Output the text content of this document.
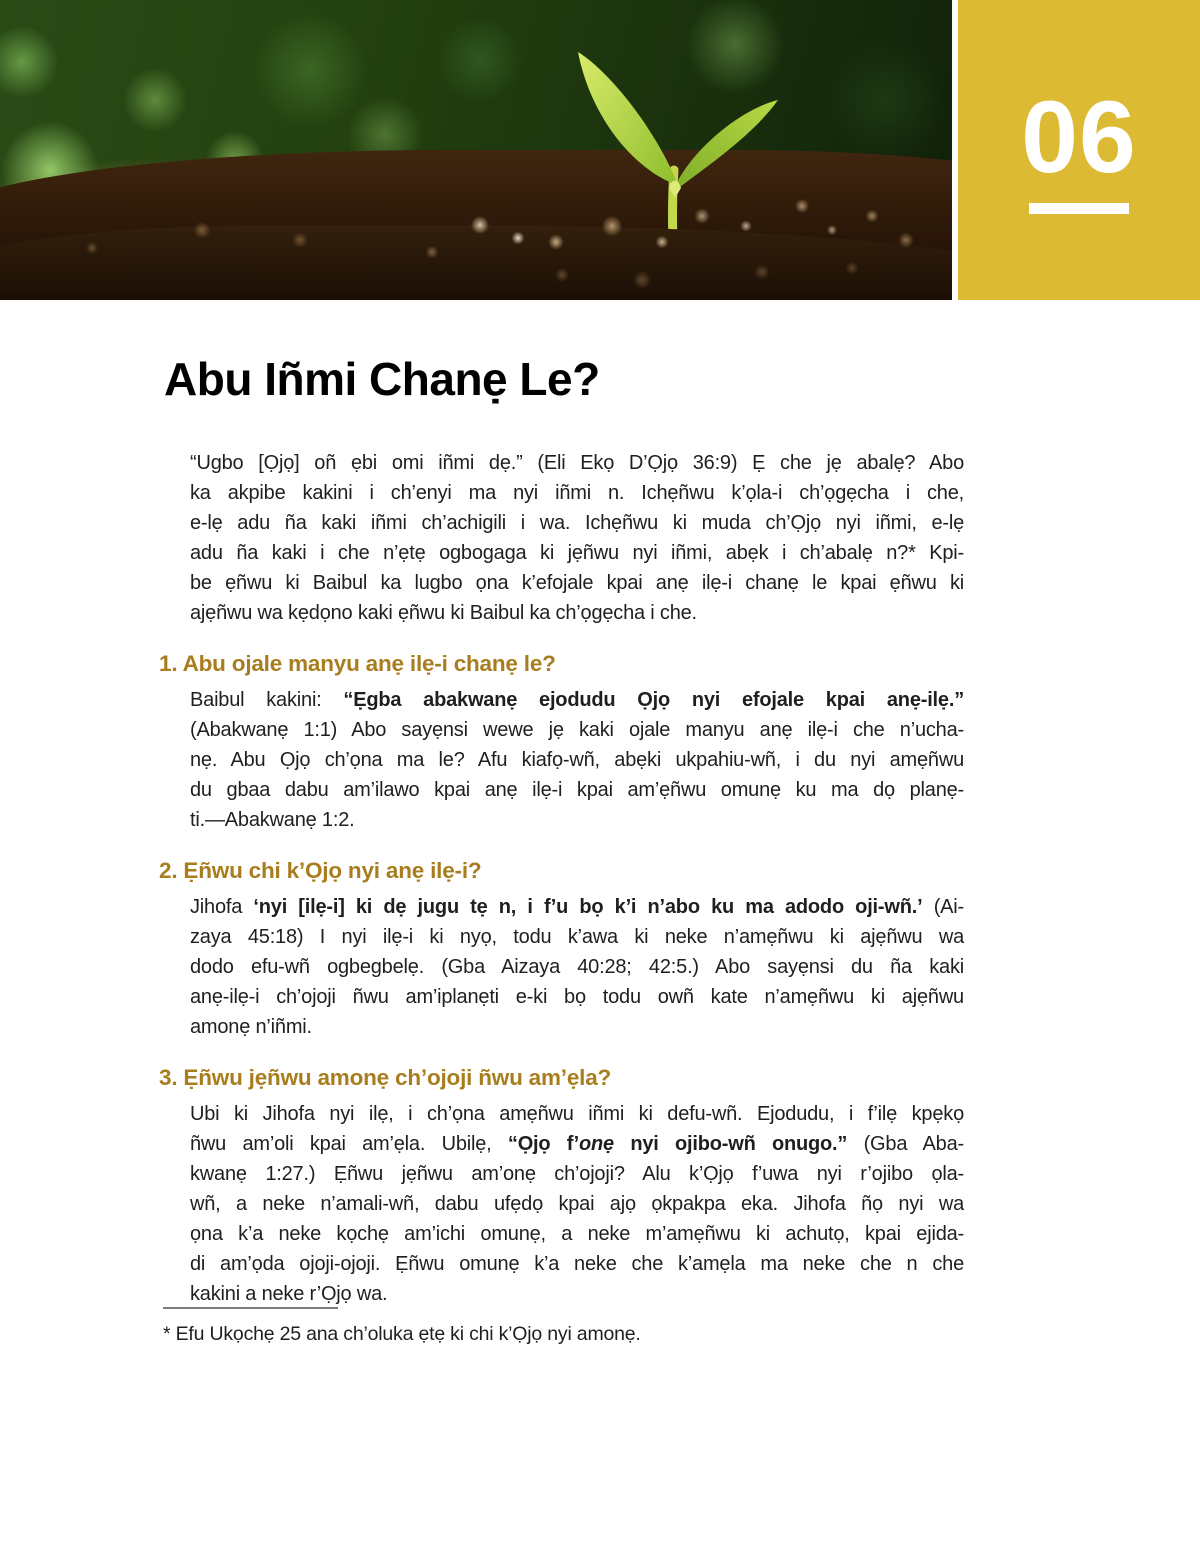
06
Abu Iñmi Chanẹ Le?
“Ugbo [Ọjọ] oñ ẹbi omi iñmi dẹ.” (Eli Ekọ D’Ọjọ 36:9) Ẹ che jẹ abalẹ? Abo
ka akpibe kakini i ch’enyi ma nyi iñmi n. Ichẹñwu k’ọla-i ch’ọgẹcha i che,
e-lẹ adu ña kaki iñmi ch’achigili i wa. Ichẹñwu ki muda ch’Ọjọ nyi iñmi, e-lẹ
adu ña kaki i che n’ẹtẹ ogbogaga ki jẹñwu nyi iñmi, abẹk i ch’abalẹ n?* Kpi-
be ẹñwu ki Baibul ka lugbo ọna k’efojale kpai anẹ ilẹ-i chanẹ le kpai ẹñwu ki
ajẹñwu wa kẹdọno kaki ẹñwu ki Baibul ka ch’ọgẹcha i che.
1. Abu ojale manyu anẹ ilẹ-i chanẹ le?
Baibul kakini: “Ẹgba abakwanẹ ejodudu Ọjọ nyi efojale kpai anẹ-ilẹ.”
(Abakwanẹ 1:1) Abo sayẹnsi wewe jẹ kaki ojale manyu anẹ ilẹ-i che n’ucha-
nẹ. Abu Ọjọ ch’ọna ma le? Afu kiafọ-wñ, abẹki ukpahiu-wñ, i du nyi amẹñwu
du gbaa dabu am’ilawo kpai anẹ ilẹ-i kpai am’ẹñwu omunẹ ku ma dọ planẹ-
ti.—Abakwanẹ 1:2.
2. Ẹñwu chi k’Ọjọ nyi anẹ ilẹ-i?
Jihofa ‘nyi [ilẹ-i] ki dẹ jugu tẹ n, i f’u bọ k’i n’abo ku ma adodo oji-wñ.’ (Ai-
zaya 45:18) I nyi ilẹ-i ki nyọ, todu k’awa ki neke n’amẹñwu ki ajẹñwu wa
dodo efu-wñ ogbegbelẹ. (Gba Aizaya 40:28; 42:5.) Abo sayẹnsi du ña kaki
anẹ-ilẹ-i ch’ojoji ñwu am’iplanẹti e-ki bọ todu owñ kate n’amẹñwu ki ajẹñwu
amonẹ n’iñmi.
3. Ẹñwu jẹñwu amonẹ ch’ojoji ñwu am’ẹla?
Ubi ki Jihofa nyi ilẹ, i ch’ọna amẹñwu iñmi ki defu-wñ. Ejodudu, i f’ilẹ kpẹkọ
ñwu am’oli kpai am’ẹla. Ubilẹ, “Ọjọ f’onẹ nyi ojibo-wñ onugo.” (Gba Aba-
kwanẹ 1:27.) Ẹñwu jẹñwu am’onẹ ch’ojoji? Alu k’Ọjọ f’uwa nyi r’ojibo ọla-
wñ, a neke n’amali-wñ, dabu ufẹdọ kpai ajọ ọkpakpa eka. Jihofa ñọ nyi wa
ọna k’a neke kọchẹ am’ichi omunẹ, a neke m’amẹñwu ki achutọ, kpai ejida-
di am’ọda ojoji-ojoji. Ẹñwu omunẹ k’a neke che k’amẹla ma neke che n che
kakini a neke r’Ọjọ wa.
* Efu Ukọchẹ 25 ana ch’oluka ẹtẹ ki chi k’Ọjọ nyi amonẹ.
